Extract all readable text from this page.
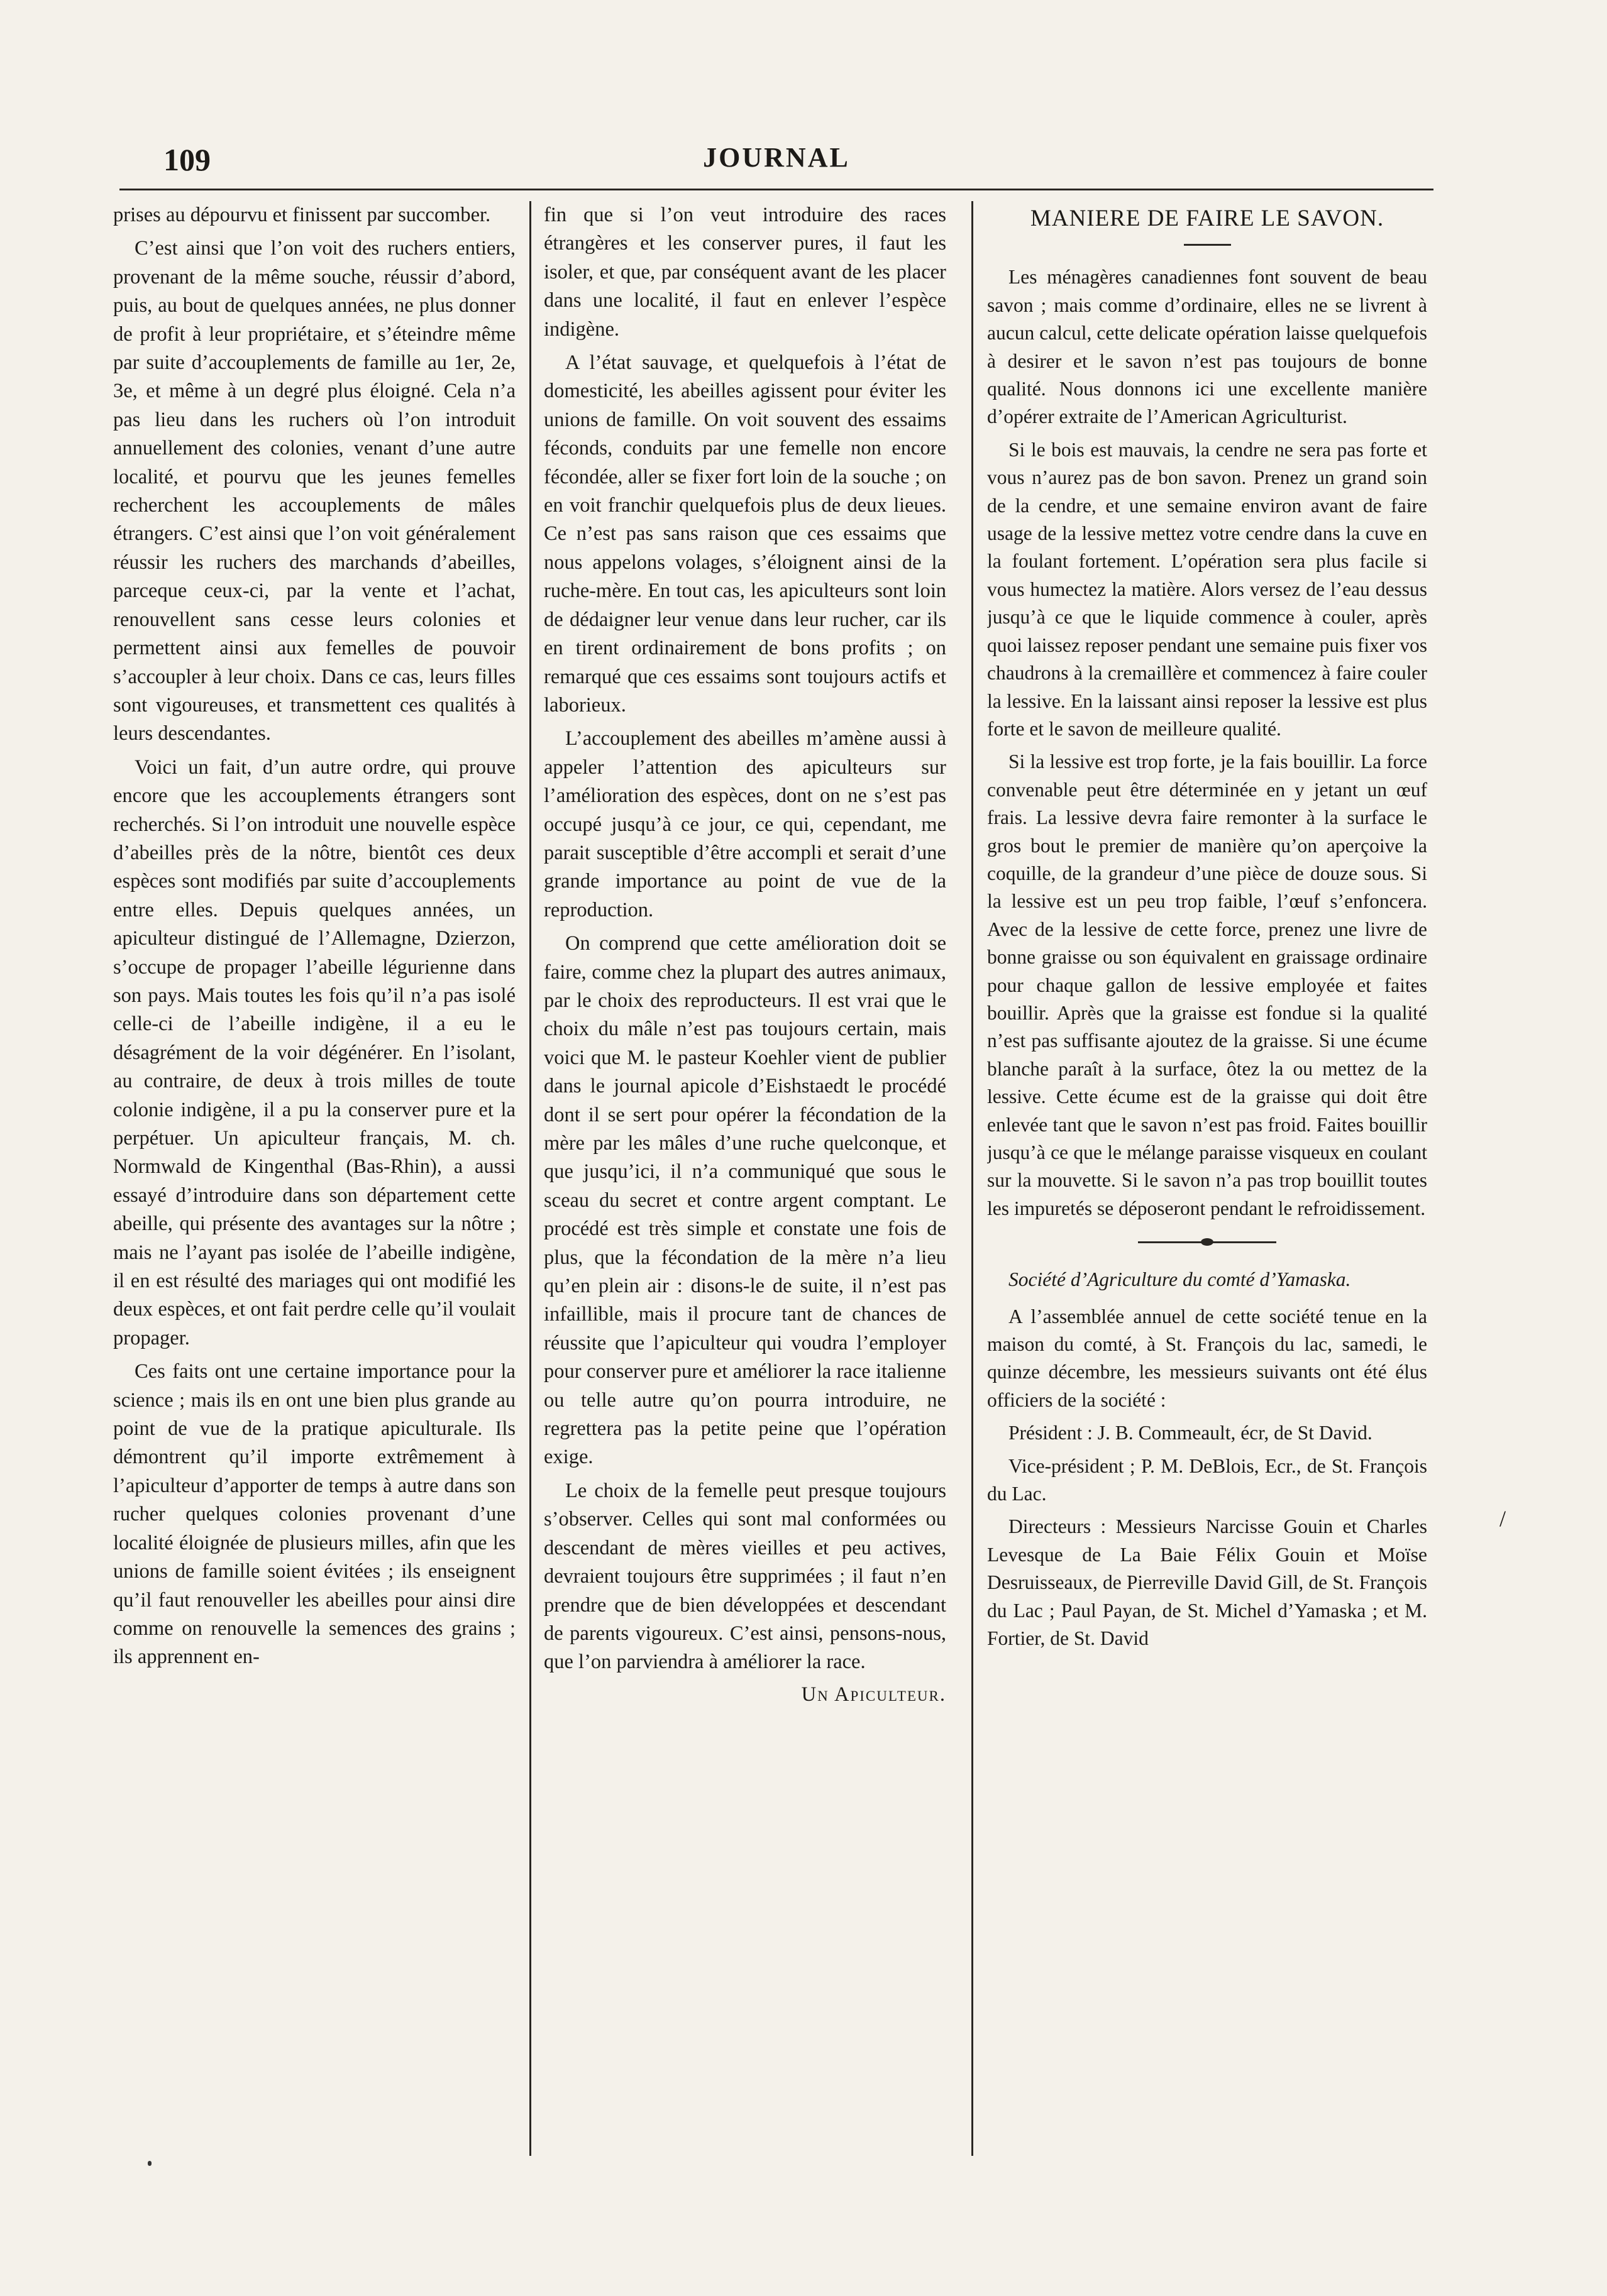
109	JOURNAL

prises au dépourvu et finissent par succomber.

C’est ainsi que l’on voit des ruchers entiers, provenant de la même souche, réussir d’abord, puis, au bout de quelques années, ne plus donner de profit à leur propriétaire, et s’éteindre même par suite d’accouplements de famille au 1er, 2e, 3e, et même à un degré plus éloigné. Cela n’a pas lieu dans les ruchers où l’on introduit annuellement des colonies, venant d’une autre localité, et pourvu que les jeunes femelles recherchent les accouplements de mâles étrangers. C’est ainsi que l’on voit généralement réussir les ruchers des marchands d’abeilles, parceque ceux-ci, par la vente et l’achat, renouvellent sans cesse leurs colonies et permettent ainsi aux femelles de pouvoir s’accoupler à leur choix. Dans ce cas, leurs filles sont vigoureuses, et transmettent ces qualités à leurs descendantes.

Voici un fait, d’un autre ordre, qui prouve encore que les accouplements étrangers sont recherchés. Si l’on introduit une nouvelle espèce d’abeilles près de la nôtre, bientôt ces deux espèces sont modifiés par suite d’accouplements entre elles. Depuis quelques années, un apiculteur distingué de l’Allemagne, Dzierzon, s’occupe de propager l’abeille légurienne dans son pays. Mais toutes les fois qu’il n’a pas isolé celle-ci de l’abeille indigène, il a eu le désagrément de la voir dégénérer. En l’isolant, au contraire, de deux à trois milles de toute colonie indigène, il a pu la conserver pure et la perpétuer. Un apiculteur français, M. ch. Normwald de Kingenthal (Bas-Rhin), a aussi essayé d’introduire dans son département cette abeille, qui présente des avantages sur la nôtre ; mais ne l’ayant pas isolée de l’abeille indigène, il en est résulté des mariages qui ont modifié les deux espèces, et ont fait perdre celle qu’il voulait propager.

Ces faits ont une certaine importance pour la science ; mais ils en ont une bien plus grande au point de vue de la pratique apiculturale. Ils démontrent qu’il importe extrêmement à l’apiculteur d’apporter de temps à autre dans son rucher quelques colonies provenant d’une localité éloignée de plusieurs milles, afin que les unions de famille soient évitées ; ils enseignent qu’il faut renouveller les abeilles pour ainsi dire comme on renouvelle la semences des grains ; ils apprennent en-

fin que si l’on veut introduire des races étrangères et les conserver pures, il faut les isoler, et que, par conséquent avant de les placer dans une localité, il faut en enlever l’espèce indigène.

A l’état sauvage, et quelquefois à l’état de domesticité, les abeilles agissent pour éviter les unions de famille. On voit souvent des essaims féconds, conduits par une femelle non encore fécondée, aller se fixer fort loin de la souche ; on en voit franchir quelquefois plus de deux lieues. Ce n’est pas sans raison que ces essaims que nous appelons volages, s’éloignent ainsi de la ruche-mère. En tout cas, les apiculteurs sont loin de dédaigner leur venue dans leur rucher, car ils en tirent ordinairement de bons profits ; on remarqué que ces essaims sont toujours actifs et laborieux.

L’accouplement des abeilles m’amène aussi à appeler l’attention des apiculteurs sur l’amélioration des espèces, dont on ne s’est pas occupé jusqu’à ce jour, ce qui, cependant, me parait susceptible d’être accompli et serait d’une grande importance au point de vue de la reproduction.

On comprend que cette amélioration doit se faire, comme chez la plupart des autres animaux, par le choix des reproducteurs. Il est vrai que le choix du mâle n’est pas toujours certain, mais voici que M. le pasteur Koehler vient de publier dans le journal apicole d’Eishstaedt le procédé dont il se sert pour opérer la fécondation de la mère par les mâles d’une ruche quelconque, et que jusqu’ici, il n’a communiqué que sous le sceau du secret et contre argent comptant. Le procédé est très simple et constate une fois de plus, que la fécondation de la mère n’a lieu qu’en plein air : disons-le de suite, il n’est pas infaillible, mais il procure tant de chances de réussite que l’apiculteur qui voudra l’employer pour conserver pure et améliorer la race italienne ou telle autre qu’on pourra introduire, ne regrettera pas la petite peine que l’opération exige.

Le choix de la femelle peut presque toujours s’observer. Celles qui sont mal conformées ou descendant de mères vieilles et peu actives, devraient toujours être supprimées ; il faut n’en prendre que de bien développées et descendant de parents vigoureux. C’est ainsi, pensons-nous, que l’on parviendra à améliorer la race.

Un Apiculteur.
MANIERE DE FAIRE LE SAVON.

Les ménagères canadiennes font souvent de beau savon ; mais comme d’ordinaire, elles ne se livrent à aucun calcul, cette delicate opération laisse quelquefois à desirer et le savon n’est pas toujours de bonne qualité. Nous donnons ici une excellente manière d’opérer extraite de l’American Agriculturist.

Si le bois est mauvais, la cendre ne sera pas forte et vous n’aurez pas de bon savon. Prenez un grand soin de la cendre, et une semaine environ avant de faire usage de la lessive mettez votre cendre dans la cuve en la foulant fortement. L’opération sera plus facile si vous humectez la matière. Alors versez de l’eau dessus jusqu’à ce que le liquide commence à couler, après quoi laissez reposer pendant une semaine puis fixer vos chaudrons à la cremaillère et commencez à faire couler la lessive. En la laissant ainsi reposer la lessive est plus forte et le savon de meilleure qualité.

Si la lessive est trop forte, je la fais bouillir. La force convenable peut être déterminée en y jetant un œuf frais. La lessive devra faire remonter à la surface le gros bout le premier de manière qu’on aperçoive la coquille, de la grandeur d’une pièce de douze sous. Si la lessive est un peu trop faible, l’œuf s’enfoncera. Avec de la lessive de cette force, prenez une livre de bonne graisse ou son équivalent en graissage ordinaire pour chaque gallon de lessive employée et faites bouillir. Après que la graisse est fondue si la qualité n’est pas suffisante ajoutez de la graisse. Si une écume blanche paraît à la surface, ôtez la ou mettez de la lessive. Cette écume est de la graisse qui doit être enlevée tant que le savon n’est pas froid. Faites bouillir jusqu’à ce que le mélange paraisse visqueux en coulant sur la mouvette. Si le savon n’a pas trop bouillit toutes les impuretés se déposeront pendant le refroidissement.

Société d’Agriculture du comté d’Yamaska.

A l’assemblée annuel de cette société tenue en la maison du comté, à St. François du lac, samedi, le quinze décembre, les messieurs suivants ont été élus officiers de la société :

Président : J. B. Commeault, écr, de St David.

Vice-président ; P. M. DeBlois, Ecr., de St. François du Lac.

Directeurs : Messieurs Narcisse Gouin et Charles Levesque de La Baie Félix Gouin et Moïse Desruisseaux, de Pierreville David Gill, de St. François du Lac ; Paul Payan, de St. Michel d’Yamaska ; et M. Fortier, de St. David

/
